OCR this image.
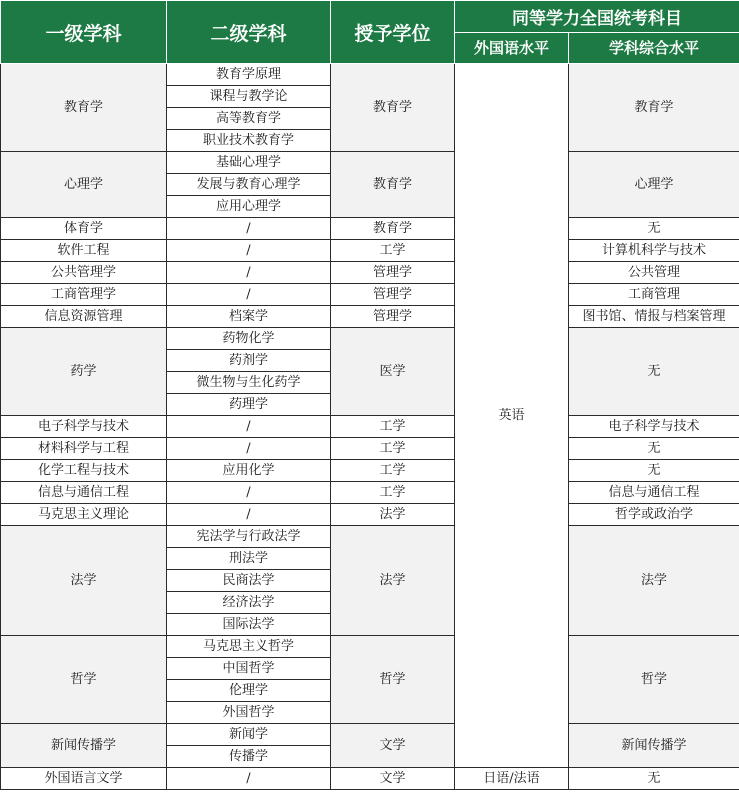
一级学科	二级学科	授予学位	同等学力全国统考科目	
			外国语水平	学科综合水平
教育学	教育学原理	教育学	英语	教育学
	课程与教学论			
	高等教育学			
	职业技术教育学			
心理学	基础心理学	教育学		心理学
	发展与教育心理学			
	应用心理学			
体育学	/	教育学		无
软件工程	/	工学		计算机科学与技术
公共管理学	/	管理学		公共管理
工商管理学	/	管理学		工商管理
信息资源管理	档案学	管理学		图书馆、情报与档案管理
药学	药物化学	医学		无
	药剂学			
	微生物与生化药学			
	药理学			
电子科学与技术	/	工学		电子科学与技术
材料科学与工程	/	工学		无
化学工程与技术	应用化学	工学		无
信息与通信工程	/	工学		信息与通信工程
马克思主义理论	/	法学		哲学或政治学
法学	宪法学与行政法学	法学		法学
	刑法学			
	民商法学			
	经济法学			
	国际法学			
哲学	马克思主义哲学	哲学		哲学
	中国哲学			
	伦理学			
	外国哲学			
新闻传播学	新闻学	文学		新闻传播学
	传播学			
外国语言文学	/	文学	日语/法语	无
